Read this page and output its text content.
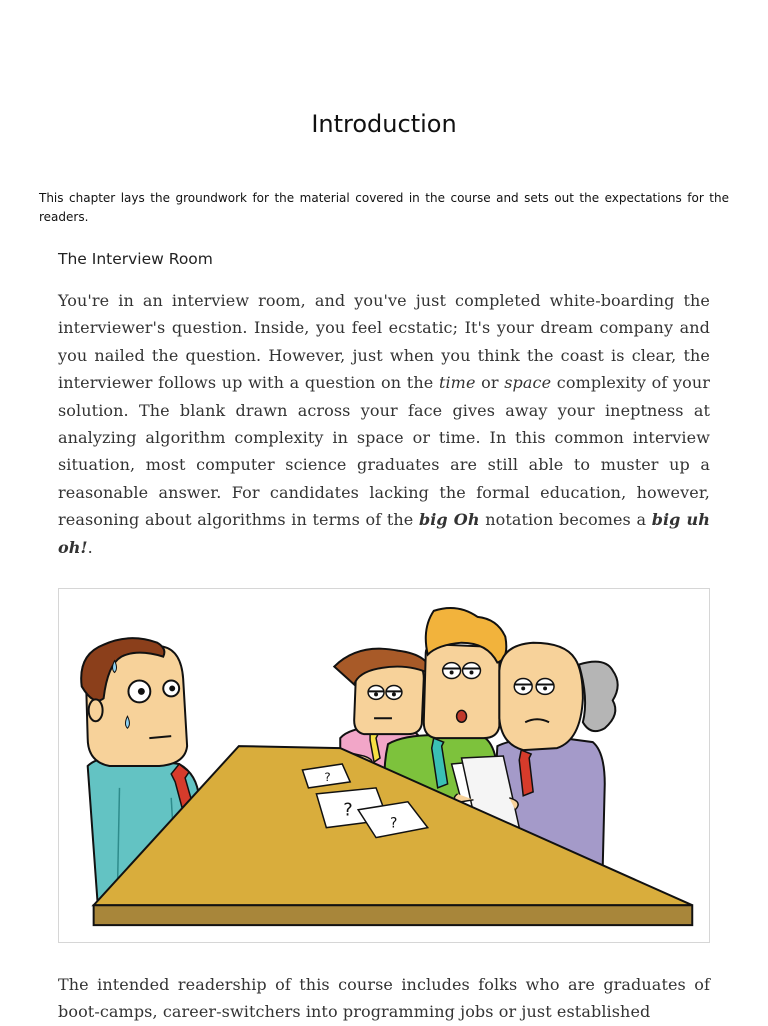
Introduction

This chapter lays the groundwork for the material covered in the course and sets out the expectations for the readers.

The Interview Room

You're in an interview room, and you've just completed white-boarding the interviewer's question. Inside, you feel ecstatic; It's your dream company and you nailed the question. However, just when you think the coast is clear, the interviewer follows up with a question on the time or space complexity of your solution. The blank drawn across your face gives away your ineptness at analyzing algorithm complexity in space or time. In this common interview situation, most computer science graduates are still able to muster up a reasonable answer. For candidates lacking the formal education, however, reasoning about algorithms in terms of the big Oh notation becomes a big uh oh!.

?
?
?

The intended readership of this course includes folks who are graduates of boot-camps, career-switchers into programming jobs or just established
